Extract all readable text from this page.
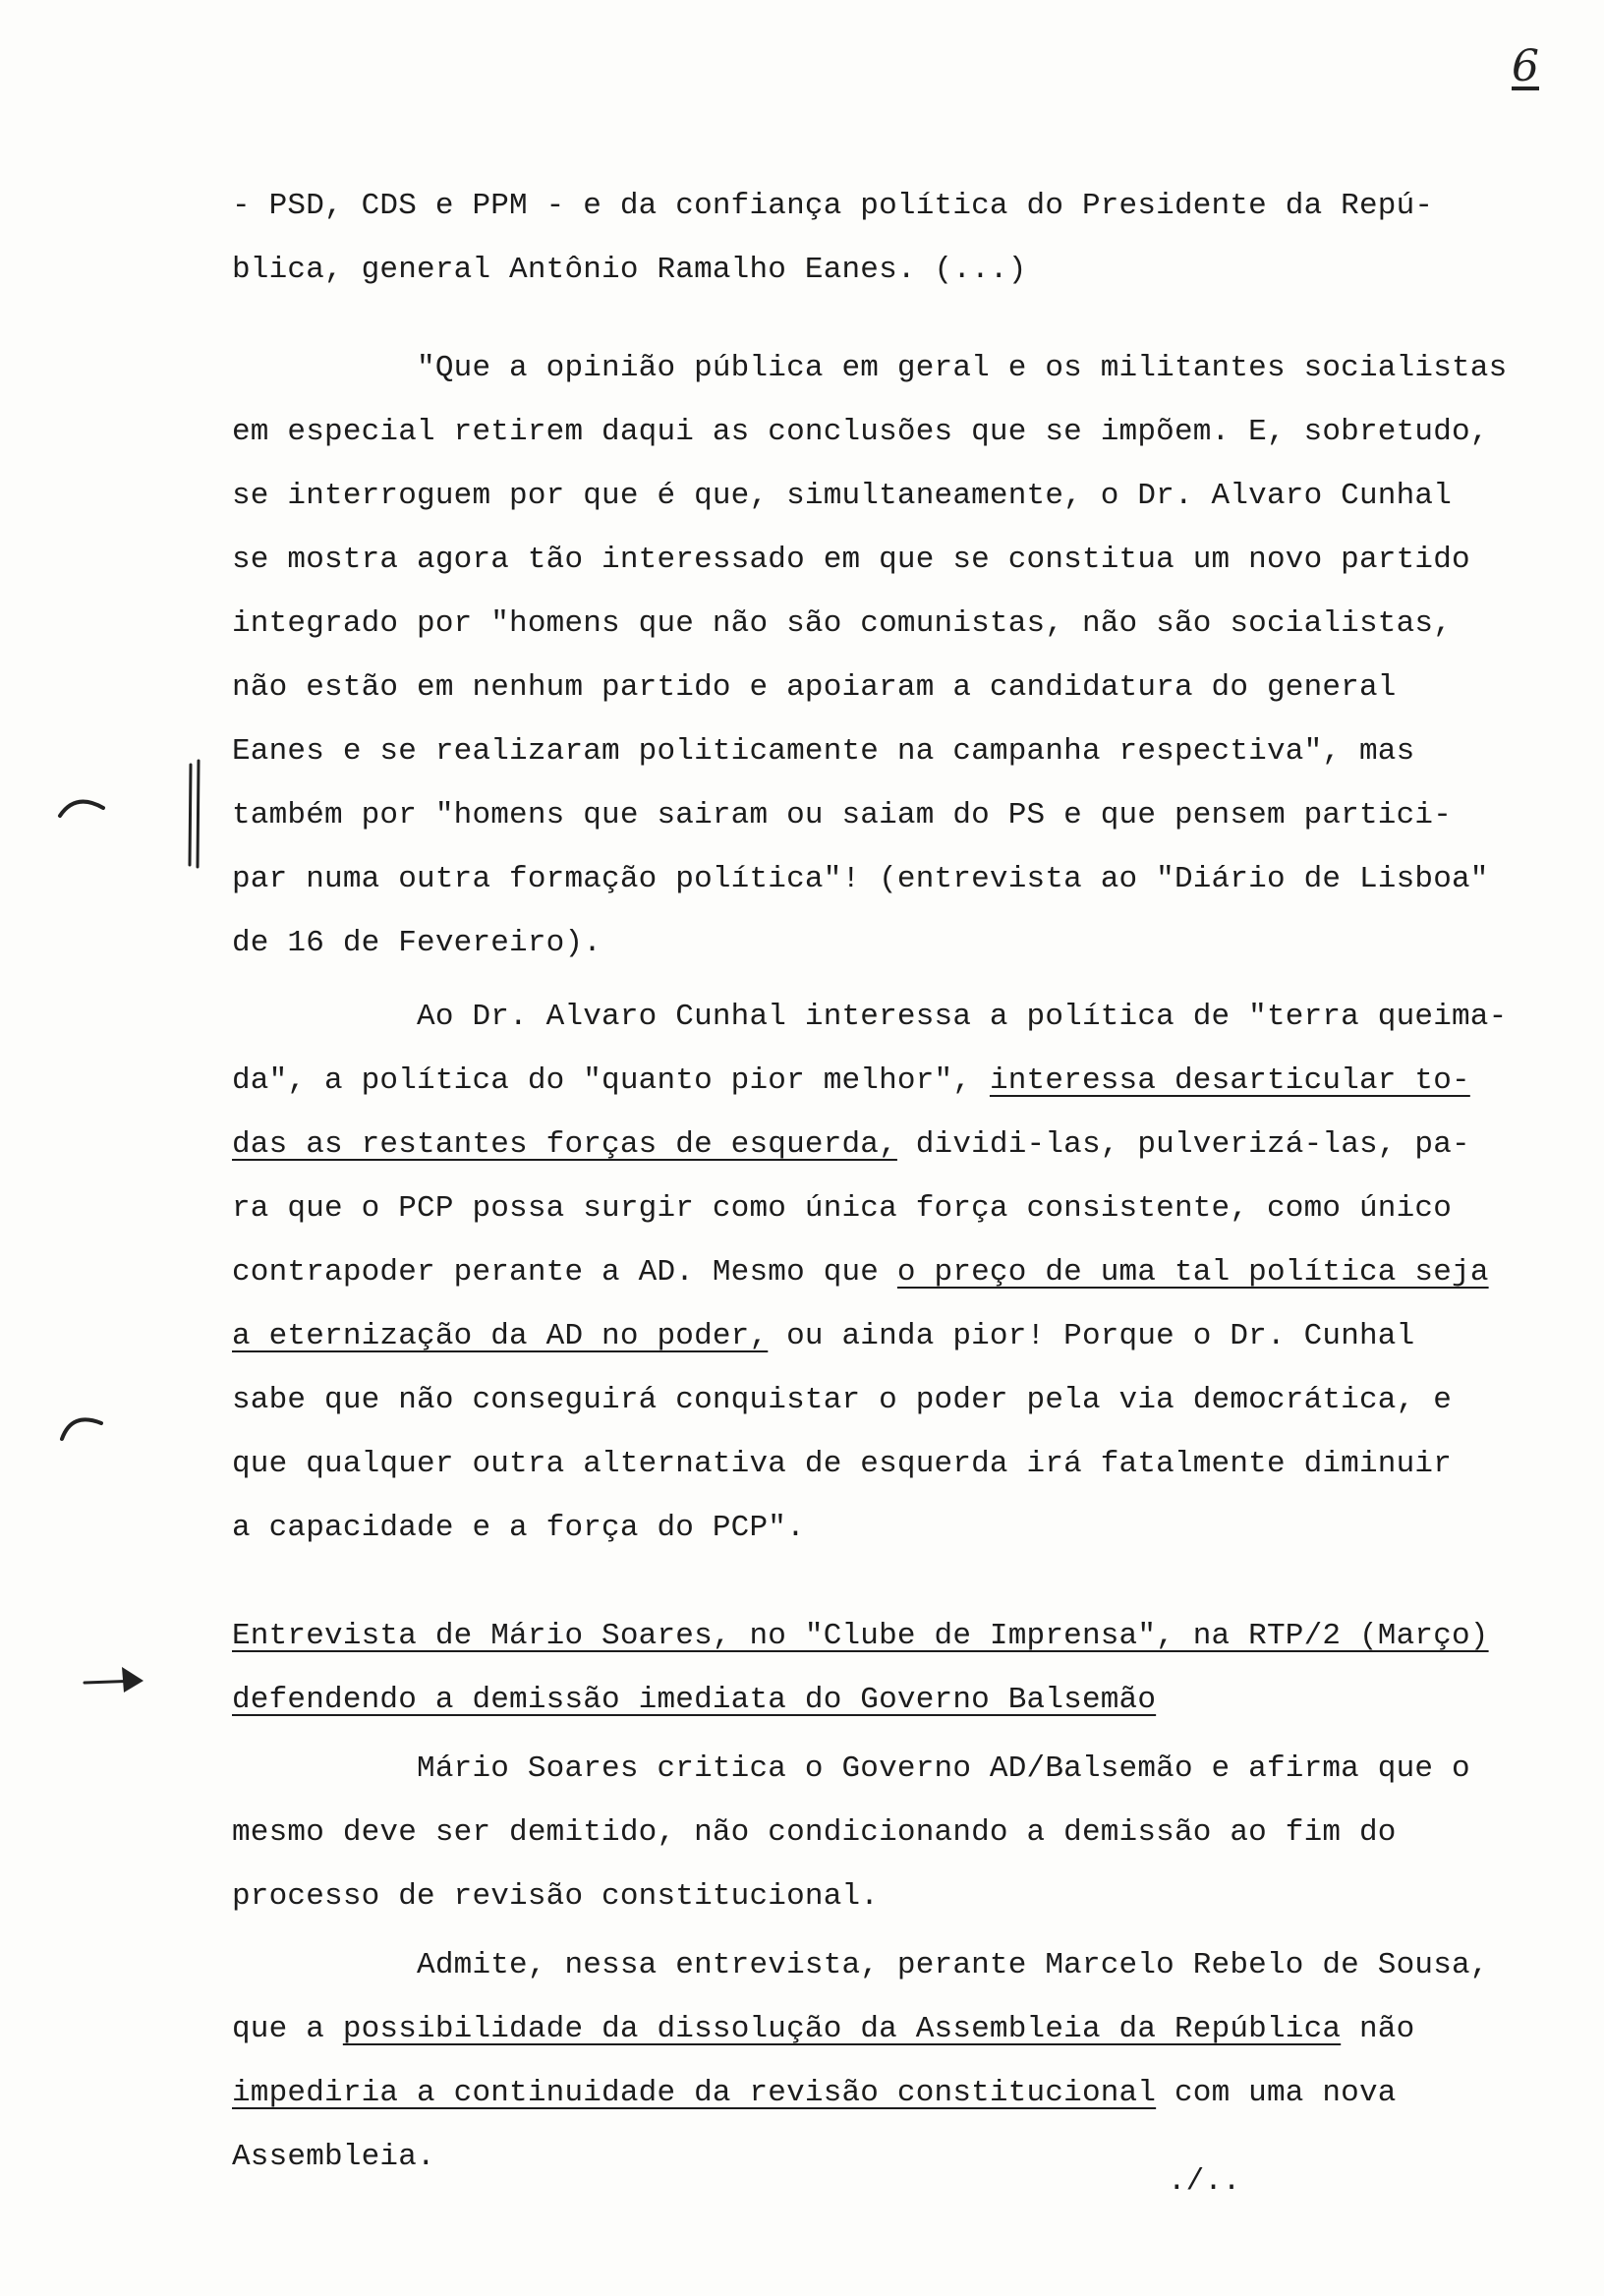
6
- PSD, CDS e PPM - e da confiança política do Presidente da Repú-
blica, general Antônio Ramalho Eanes. (...)
"Que a opinião pública em geral e os militantes socialistas
em especial retirem daqui as conclusões que se impõem. E, sobretudo,
se interroguem por que é que, simultaneamente, o Dr. Alvaro Cunhal
se mostra agora tão interessado em que se constitua um novo partido
integrado por "homens que não são comunistas, não são socialistas,
não estão em nenhum partido e apoiaram a candidatura do general
Eanes e se realizaram politicamente na campanha respectiva", mas
também por "homens que sairam ou saiam do PS e que pensem partici-
par numa outra formação política"! (entrevista ao "Diário de Lisboa"
de 16 de Fevereiro).
Ao Dr. Alvaro Cunhal interessa a política de "terra queima-
da", a política do "quanto pior melhor", interessa desarticular to-
das as restantes forças de esquerda, dividi-las, pulverizá-las, pa-
ra que o PCP possa surgir como única força consistente, como único
contrapoder perante a AD. Mesmo que o preço de uma tal política seja
a eternização da AD no poder, ou ainda pior! Porque o Dr. Cunhal
sabe que não conseguirá conquistar o poder pela via democrática, e
que qualquer outra alternativa de esquerda irá fatalmente diminuir
a capacidade e a força do PCP".
Entrevista de Mário Soares, no "Clube de Imprensa", na RTP/2 (Março)
defendendo a demissão imediata do Governo Balsemão
Mário Soares critica o Governo AD/Balsemão e afirma que o
mesmo deve ser demitido, não condicionando a demissão ao fim do
processo de revisão constitucional.
Admite, nessa entrevista, perante Marcelo Rebelo de Sousa,
que a possibilidade da dissolução da Assembleia da República não
impediria a continuidade da revisão constitucional com uma nova
Assembleia.
./..
